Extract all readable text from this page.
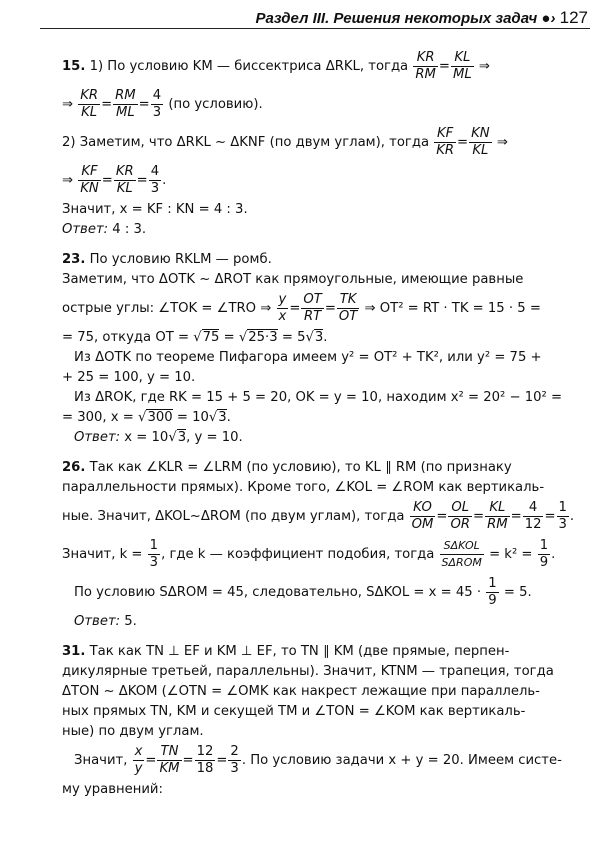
Раздел III. Решения некоторых задач ●› 127

15. 1) По условию KM — биссектриса ΔRKL, тогда $\frac{KR}{RM} = \frac{KL}{ML}$ ⇒

⇒ $\frac{KR}{KL} = \frac{RM}{ML} = \frac{4}{3} (по$ условию).

2) Заметим, что ΔRKL ~ ΔKNF (по двум углам), тогда $\frac{KF}{KR} = \frac{KN}{KL}$ ⇒

⇒ $\frac{KF}{KN} = \frac{KR}{KL} = \frac{4}{3}$ .

Значит, x = KF : KN = 4 : 3.

Ответ: 4 : 3.

23. По условию RKLM — ромб.

Заметим, что ΔOTK ~ ΔROT как прямоугольные, имеющие равные

острые углы: ∠TOK = ∠TRO ⇒ $\frac{y}{x} = \frac{OT}{RT} = \frac{TK}{OT}$ ⇒ OT² = RT · TK = 15 · 5 =

= 75, откуда OT = √75 = √25·3 = 5√3.

Из ΔOTK по теореме Пифагора имеем y² = OT² + TK², или y² = 75 +

+ 25 = 100, y = 10.

Из ΔROK, где RK = 15 + 5 = 20, OK = y = 10, находим x² = 20² − 10² =

= 300, x = √300 = 10√3.

Ответ: x = 10√3, y = 10.

26. Так как ∠KLR = ∠LRM (по условию), то KL ∥ RM (по признаку

параллельности прямых). Кроме того, ∠KOL = ∠ROM как вертикаль-

ные. Значит, ΔKOL~ΔROM (по двум углам), тогда $\frac{KO}{OM} = \frac{OL}{OR} = \frac{KL}{RM} = \frac{4}{12} = \frac{1}{3}$ .

Значит, $k = \frac{1}{3}$ , где k — коэффициент подобия, тогда $\frac{\text{SΔKOL}}{\text{SΔROM}} = k^2 = \frac{1}{9}$ .

По условию SΔROM = 45, следовательно, $S\Delta KOL = x = 45 \cdot \frac{1}{9} = 5$.

Ответ: 5.

31. Так как TN ⊥ EF и KM ⊥ EF, то TN ∥ KM (две прямые, перпен-

дикулярные третьей, параллельны). Значит, KTNM — трапеция, тогда

ΔTON ~ ΔKOM (∠OTN = ∠OMK как накрест лежащие при параллель-

ных прямых TN, KM и секущей TM и ∠TON = ∠KOM как вертикаль-

ные) по двум углам.

Значит, $\frac{x}{y} = \frac{TN}{KM} = \frac{12}{18} = \frac{2}{3}$ . По условию задачи x + y = 20. Имеем систе-

му уравнений:
